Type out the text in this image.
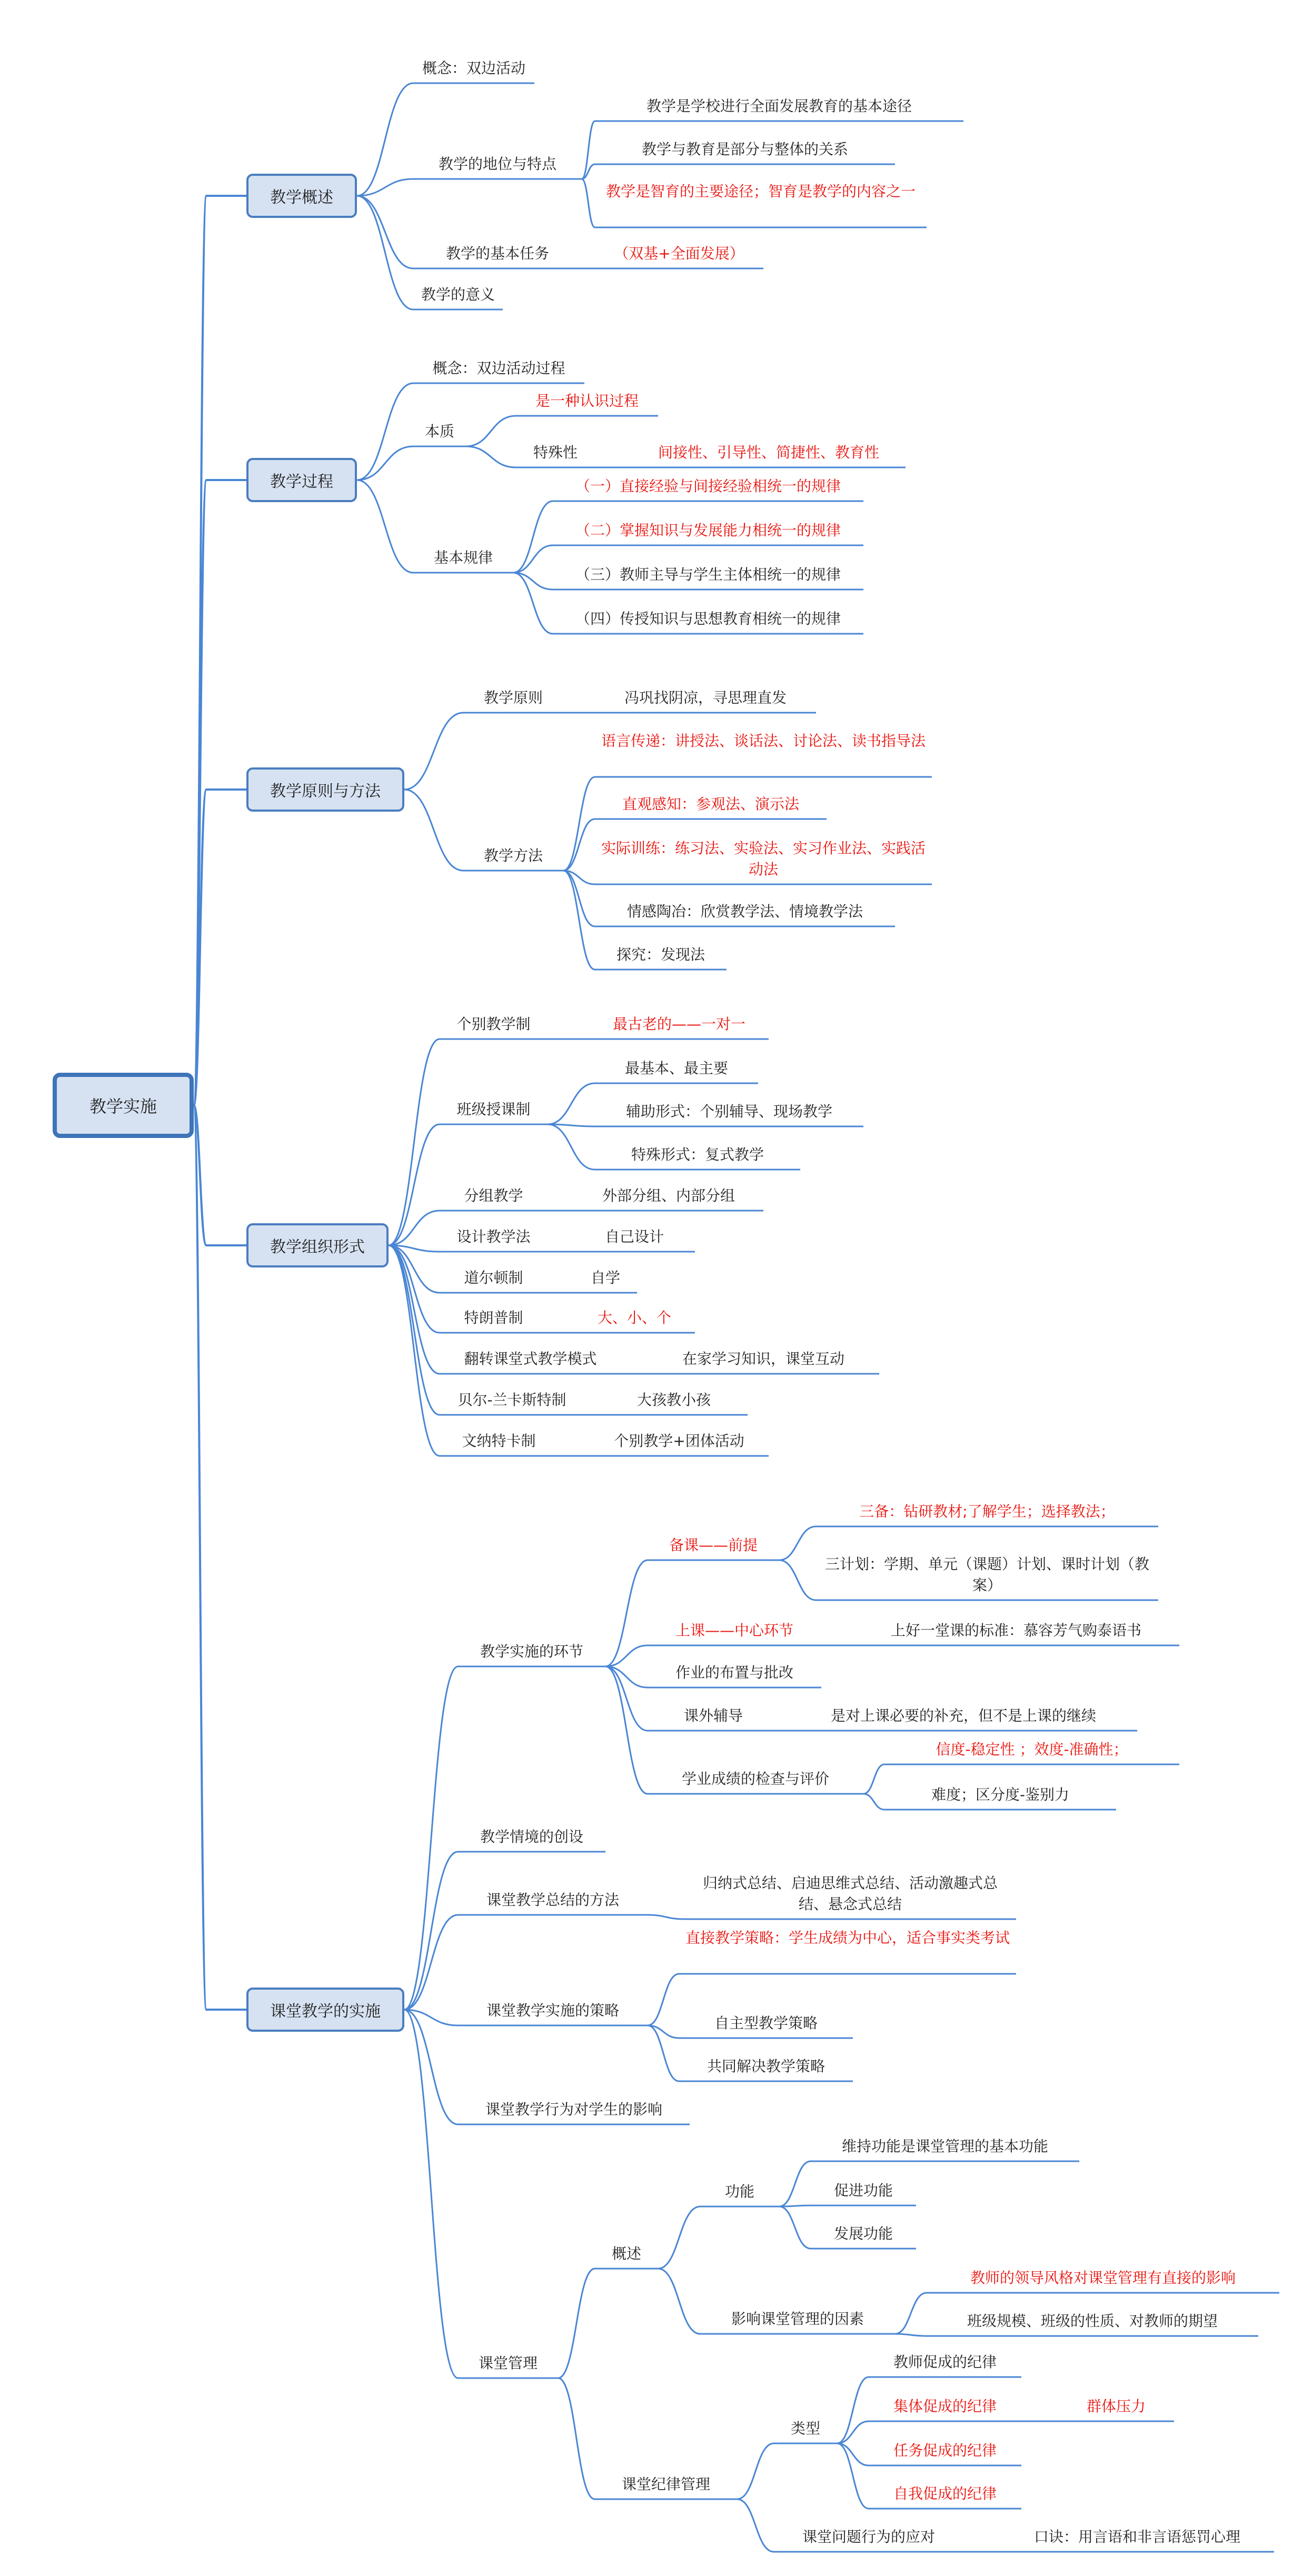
教学实施
教学概述
教学过程
教学原则与方法
教学组织形式
课堂教学的实施
概念：双边活动
教学的地位与特点
教学是学校进行全面发展教育的基本途径
教学与教育是部分与整体的关系
教学是智育的主要途径；智育是教学的内容之一
教学的基本任务	（双基+全面发展）
教学的意义
概念：双边活动过程
本质
是一种认识过程
特殊性	间接性、引导性、简捷性、教育性
基本规律
（一）直接经验与间接经验相统一的规律
（二）掌握知识与发展能力相统一的规律
（三）教师主导与学生主体相统一的规律
（四）传授知识与思想教育相统一的规律
教学原则	冯巩找阴凉，寻思理直发
教学方法
语言传递：讲授法、谈话法、讨论法、读书指导法
直观感知：参观法、演示法
实际训练：练习法、实验法、实习作业法、实践活动法
情感陶冶：欣赏教学法、情境教学法
探究：发现法
个别教学制	最古老的——一对一
班级授课制
最基本、最主要
辅助形式：个别辅导、现场教学
特殊形式：复式教学
分组教学	外部分组、内部分组
设计教学法	自己设计
道尔顿制	自学
特朗普制	大、小、个
翻转课堂式教学模式	在家学习知识，课堂互动
贝尔-兰卡斯特制	大孩教小孩
文纳特卡制	个别教学+团体活动
教学实施的环节
备课——前提
三备：钻研教材;了解学生；选择教法；
三计划：学期、单元（课题）计划、课时计划（教案）
上课——中心环节	上好一堂课的标准：慕容芳气购泰语书
作业的布置与批改
课外辅导	是对上课必要的补充，但不是上课的继续
学业成绩的检查与评价
信度-稳定性 ；效度-准确性；
难度；区分度-鉴别力
教学情境的创设
课堂教学总结的方法
归纳式总结、启迪思维式总结、活动激趣式总结、悬念式总结
课堂教学实施的策略
直接教学策略：学生成绩为中心，适合事实类考试
自主型教学策略
共同解决教学策略
课堂教学行为对学生的影响
课堂管理
概述
功能
维持功能是课堂管理的基本功能
促进功能
发展功能
影响课堂管理的因素
教师的领导风格对课堂管理有直接的影响
班级规模、班级的性质、对教师的期望
课堂纪律管理
类型
教师促成的纪律
集体促成的纪律	群体压力
任务促成的纪律
自我促成的纪律
课堂问题行为的应对	口诀：用言语和非言语惩罚心理
